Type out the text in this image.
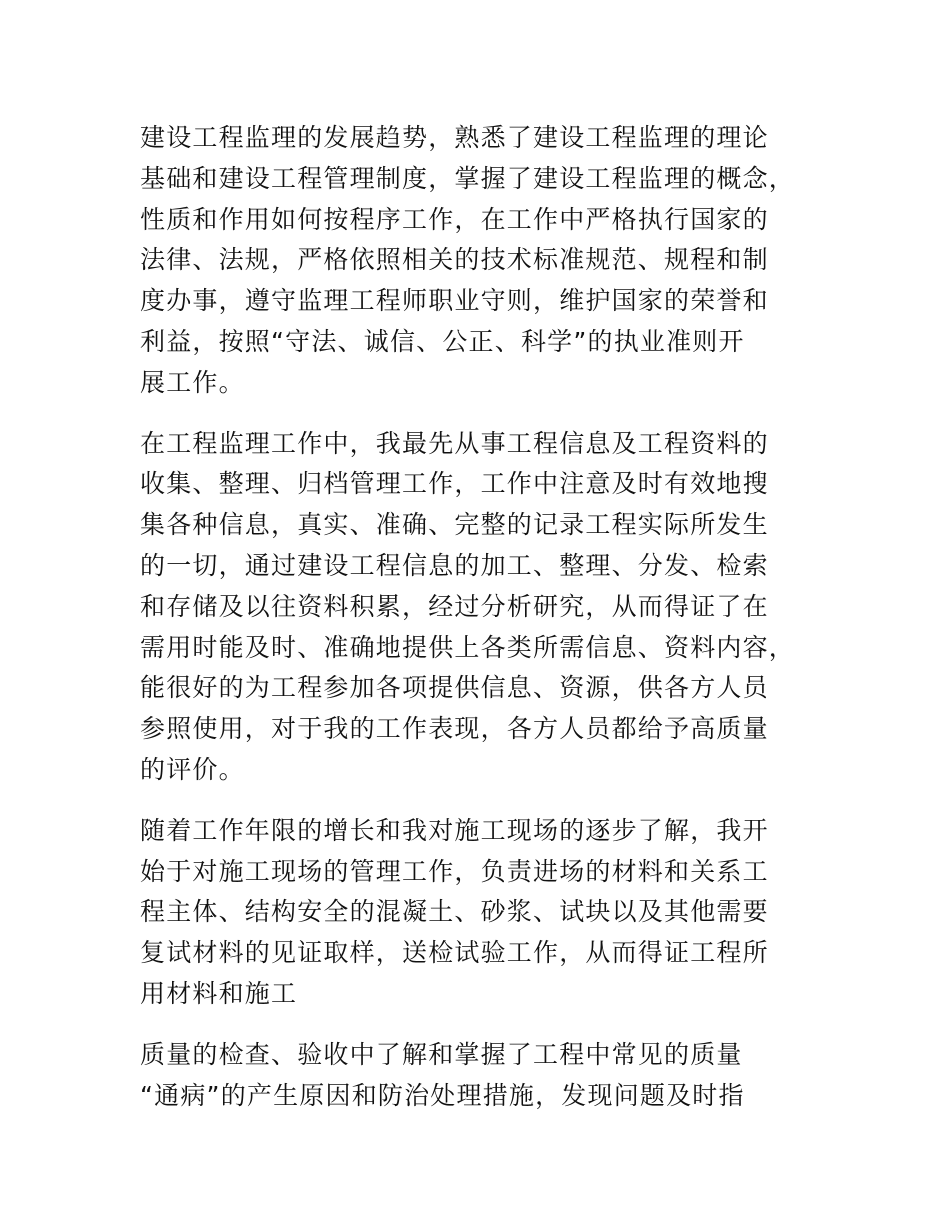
建设工程监理的发展趋势，熟悉了建设工程监理的理论
基础和建设工程管理制度，掌握了建设工程监理的概念，
性质和作用如何按程序工作，在工作中严格执行国家的
法律、法规，严格依照相关的技术标准规范、规程和制
度办事，遵守监理工程师职业守则，维护国家的荣誉和
利益，按照“守法、诚信、公正、科学”的执业准则开
展工作。

在工程监理工作中，我最先从事工程信息及工程资料的
收集、整理、归档管理工作，工作中注意及时有效地搜
集各种信息，真实、准确、完整的记录工程实际所发生
的一切，通过建设工程信息的加工、整理、分发、检索
和存储及以往资料积累，经过分析研究，从而得证了在
需用时能及时、准确地提供上各类所需信息、资料内容，
能很好的为工程参加各项提供信息、资源，供各方人员
参照使用，对于我的工作表现，各方人员都给予高质量
的评价。

随着工作年限的增长和我对施工现场的逐步了解，我开
始于对施工现场的管理工作，负责进场的材料和关系工
程主体、结构安全的混凝土、砂浆、试块以及其他需要
复试材料的见证取样，送检试验工作，从而得证工程所
用材料和施工

质量的检查、验收中了解和掌握了工程中常见的质量
“通病”的产生原因和防治处理措施，发现问题及时指
